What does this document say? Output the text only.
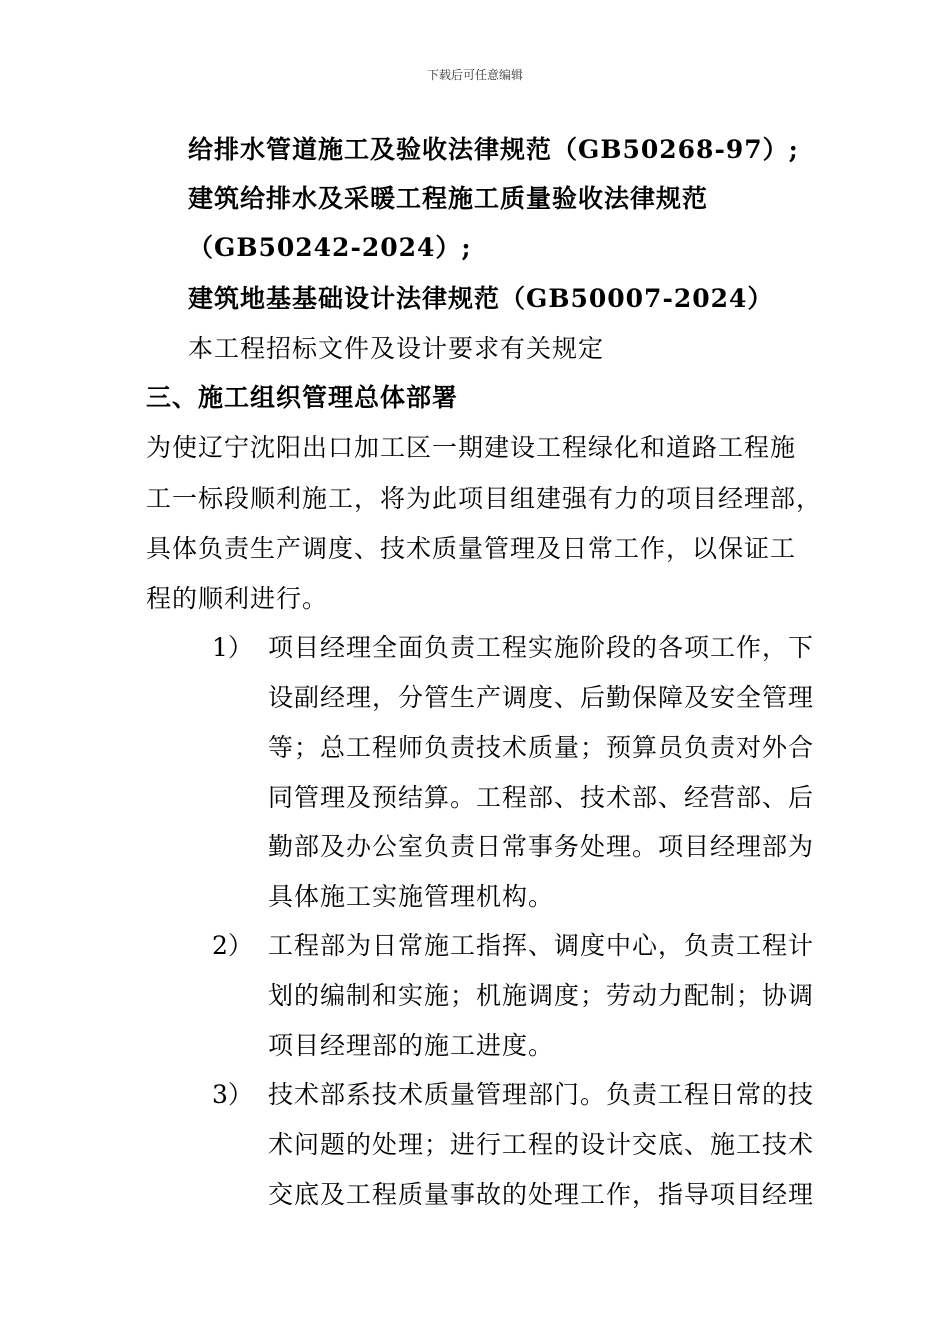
下载后可任意编辑
给排水管道施工及验收法律规范（GB50268-97）;
建筑给排水及采暖工程施工质量验收法律规范
（GB50242-2024）;
建筑地基基础设计法律规范（GB50007-2024）
本工程招标文件及设计要求有关规定
三、施工组织管理总体部署
为使辽宁沈阳出口加工区一期建设工程绿化和道路工程施
工一标段顺利施工，将为此项目组建强有力的项目经理部，
具体负责生产调度、技术质量管理及日常工作，以保证工
程的顺利进行。
1） 项目经理全面负责工程实施阶段的各项工作，下
设副经理，分管生产调度、后勤保障及安全管理
等；总工程师负责技术质量；预算员负责对外合
同管理及预结算。工程部、技术部、经营部、后
勤部及办公室负责日常事务处理。项目经理部为
具体施工实施管理机构。
2） 工程部为日常施工指挥、调度中心，负责工程计
划的编制和实施；机施调度；劳动力配制；协调
项目经理部的施工进度。
3） 技术部系技术质量管理部门。负责工程日常的技
术问题的处理；进行工程的设计交底、施工技术
交底及工程质量事故的处理工作，指导项目经理
